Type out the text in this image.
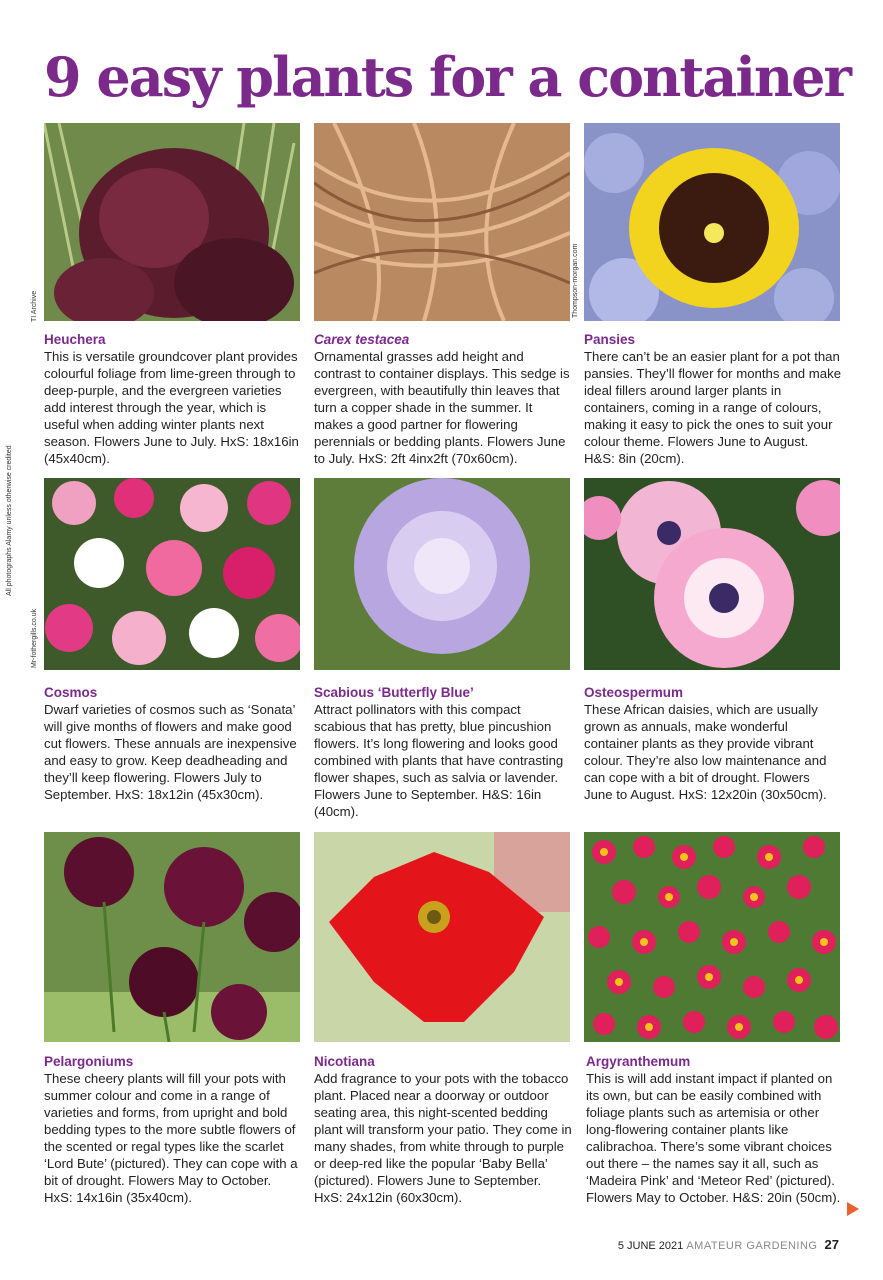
9 easy plants for a container
TI Archive
All photographs Alamy unless otherwise credited
Thompson-morgan.com
Mr-fothergills.co.uk
Heuchera
This is versatile groundcover plant provides colourful foliage from lime-green through to deep-purple, and the evergreen varieties add interest through the year, which is useful when adding winter plants next season. Flowers June to July. HxS: 18x16in (45x40cm).
Carex testacea
Ornamental grasses add height and contrast to container displays. This sedge is evergreen, with beautifully thin leaves that turn a copper shade in the summer. It makes a good partner for flowering perennials or bedding plants. Flowers June to July. HxS: 2ft 4inx2ft (70x60cm).
Pansies
There can’t be an easier plant for a pot than pansies. They’ll flower for months and make ideal fillers around larger plants in containers, coming in a range of colours, making it easy to pick the ones to suit your colour theme. Flowers June to August. H&S: 8in (20cm).
Cosmos
Dwarf varieties of cosmos such as ‘Sonata’ will give months of flowers and make good cut flowers. These annuals are inexpensive and easy to grow. Keep deadheading and they’ll keep flowering. Flowers July to September. HxS: 18x12in (45x30cm).
Scabious ‘Butterfly Blue’
Attract pollinators with this compact scabious that has pretty, blue pincushion flowers. It’s long flowering and looks good combined with plants that have contrasting flower shapes, such as salvia or lavender. Flowers June to September. H&S: 16in (40cm).
Osteospermum
These African daisies, which are usually grown as annuals, make wonderful container plants as they provide vibrant colour. They’re also low maintenance and can cope with a bit of drought. Flowers June to August. HxS: 12x20in (30x50cm).
Pelargoniums
These cheery plants will fill your pots with summer colour and come in a range of varieties and forms, from upright and bold bedding types to the more subtle flowers of the scented or regal types like the scarlet ‘Lord Bute’ (pictured). They can cope with a bit of drought. Flowers May to October. HxS: 14x16in (35x40cm).
Nicotiana
Add fragrance to your pots with the tobacco plant. Placed near a doorway or outdoor seating area, this night-scented bedding plant will transform your patio. They come in many shades, from white through to purple or deep-red like the popular ‘Baby Bella’ (pictured). Flowers June to September. HxS: 24x12in (60x30cm).
Argyranthemum
This is will add instant impact if planted on its own, but can be easily combined with foliage plants such as artemisia or other long-flowering container plants like calibrachoa. There’s some vibrant choices out there – the names say it all, such as ‘Madeira Pink’ and ‘Meteor Red’ (pictured). Flowers May to October. H&S: 20in (50cm).
5 JUNE 2021 AMATEUR GARDENING 27
